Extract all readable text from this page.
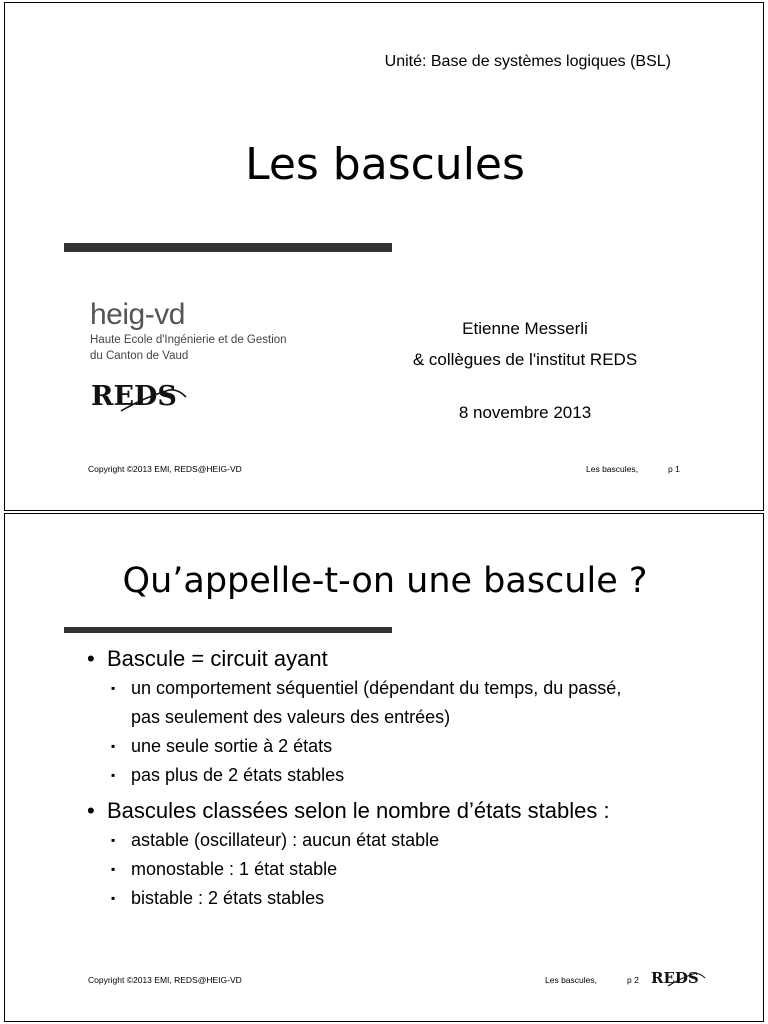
Unité: Base de systèmes logiques (BSL)
Les bascules
heig-vd
Haute Ecole d'Ingénierie et de Gestion
du Canton de Vaud
REDS
Etienne Messerli
& collègues de l'institut REDS
8 novembre 2013
Copyright ©2013 EMI, REDS@HEIG-VD	Les bascules,	p 1
Qu’appelle-t-on une bascule ?
• Bascule = circuit ayant
▪ un comportement séquentiel (dépendant du temps, du passé,
pas seulement des valeurs des entrées)
▪ une seule sortie à 2 états
▪ pas plus de 2 états stables
• Bascules classées selon le nombre d’états stables :
▪ astable (oscillateur) : aucun état stable
▪ monostable : 1 état stable
▪ bistable : 2 états stables
Copyright ©2013 EMI, REDS@HEIG-VD	Les bascules,	p 2 REDS
